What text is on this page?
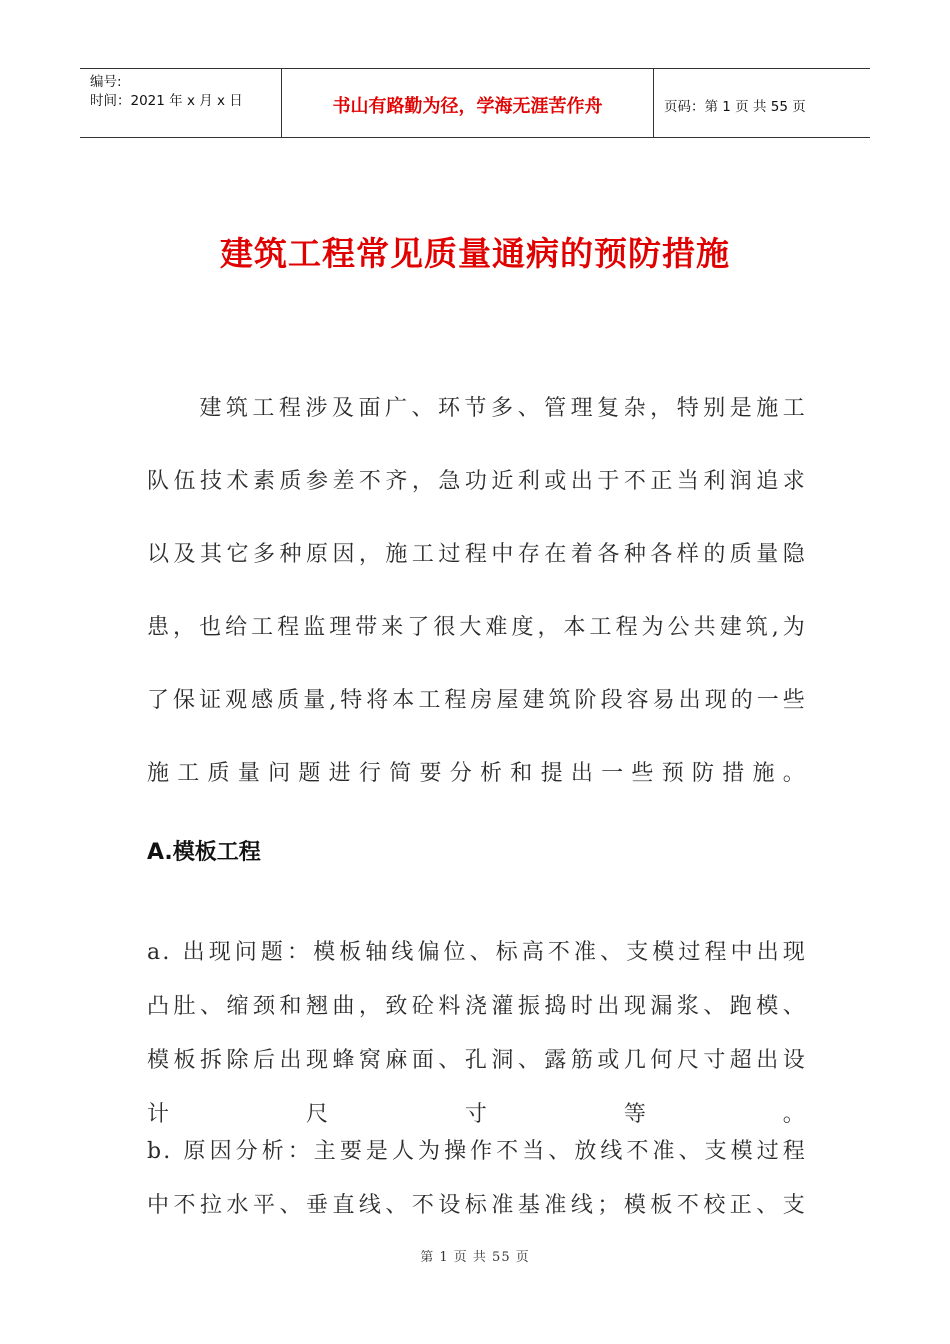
编号:
时间：2021 年 x 月 x 日	书山有路勤为径，学海无涯苦作舟	页码：第 1 页 共 55 页
建筑工程常见质量通病的预防措施
建筑工程涉及面广、环节多、管理复杂，特别是施工
队伍技术素质参差不齐，急功近利或出于不正当利润追求
以及其它多种原因，施工过程中存在着各种各样的质量隐
患，也给工程监理带来了很大难度，本工程为公共建筑,为
了保证观感质量,特将本工程房屋建筑阶段容易出现的一些
施工质量问题进行简要分析和提出一些预防措施。
A.模板工程
a. 出现问题：模板轴线偏位、标高不准、支模过程中出现
凸肚、缩颈和翘曲，致砼料浇灌振捣时出现漏浆、跑模、
模板拆除后出现蜂窝麻面、孔洞、露筋或几何尺寸超出设
计尺寸等。
b. 原因分析：主要是人为操作不当、放线不准、支模过程
中不拉水平、垂直线、不设标准基准线；模板不校正、支
第 1 页 共 55 页
